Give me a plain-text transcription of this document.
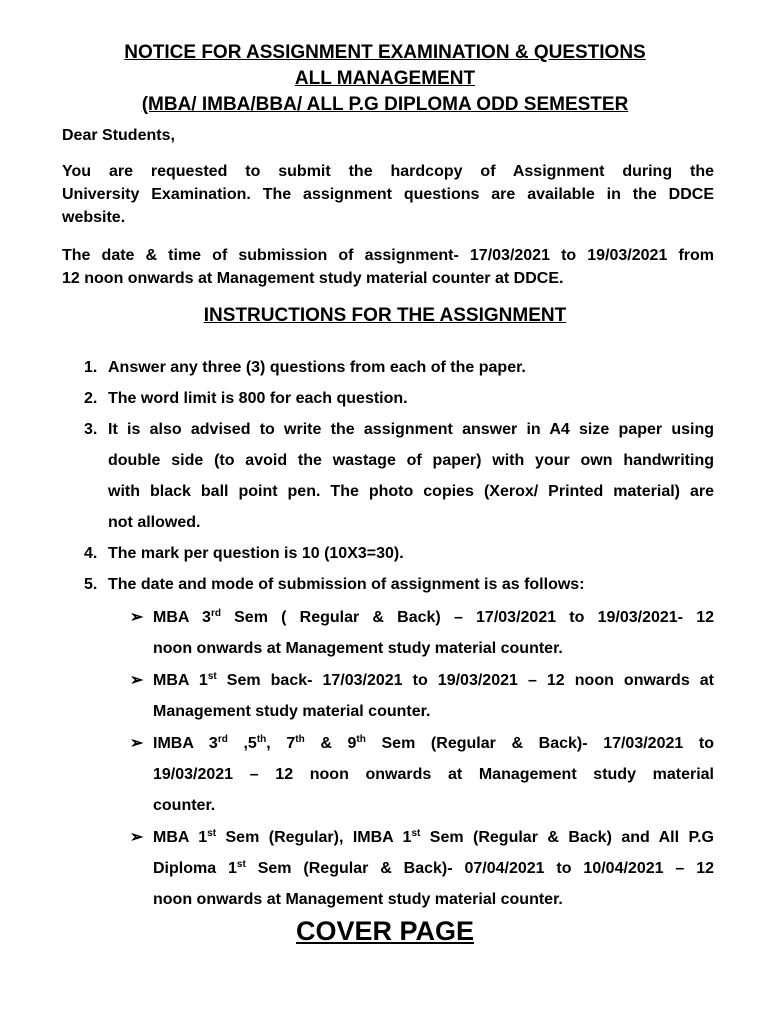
NOTICE FOR ASSIGNMENT EXAMINATION & QUESTIONS
ALL MANAGEMENT
(MBA/ IMBA/BBA/ ALL P.G DIPLOMA ODD SEMESTER
Dear Students,
You are requested to submit the hardcopy of Assignment during the
University Examination. The assignment questions are available in the DDCE
website.
The date & time of submission of assignment- 17/03/2021 to 19/03/2021 from
12 noon onwards at Management study material counter at DDCE.
INSTRUCTIONS FOR THE ASSIGNMENT
1. Answer any three (3) questions from each of the paper.
2. The word limit is 800 for each question.
3. It is also advised to write the assignment answer in A4 size paper using
double side (to avoid the wastage of paper) with your own handwriting
with black ball point pen. The photo copies (Xerox/ Printed material) are
not allowed.
4. The mark per question is 10 (10X3=30).
5. The date and mode of submission of assignment is as follows:
➢ MBA 3rd Sem ( Regular & Back) – 17/03/2021 to 19/03/2021- 12
noon onwards at Management study material counter.
➢ MBA 1st Sem back- 17/03/2021 to 19/03/2021 – 12 noon onwards at
Management study material counter.
➢ IMBA 3rd ,5th, 7th & 9th Sem (Regular & Back)- 17/03/2021 to
19/03/2021 – 12 noon onwards at Management study material
counter.
➢ MBA 1st Sem (Regular), IMBA 1st Sem (Regular & Back) and All P.G
Diploma 1st Sem (Regular & Back)- 07/04/2021 to 10/04/2021 – 12
noon onwards at Management study material counter.
COVER PAGE
